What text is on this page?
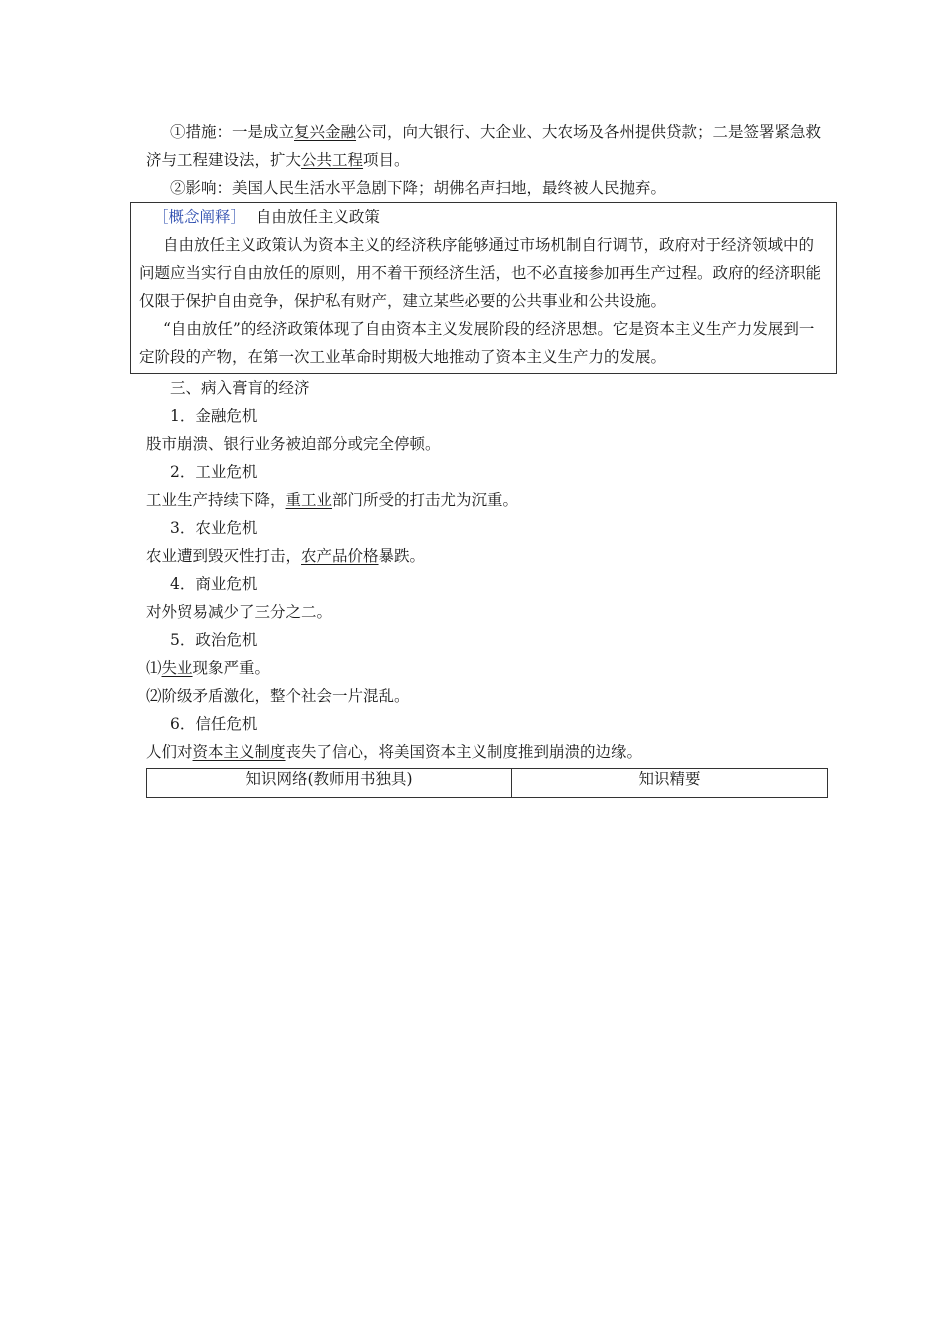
①措施：一是成立复兴金融公司，向大银行、大企业、大农场及各州提供贷款；二是签署紧急救济与工程建设法，扩大公共工程项目。

②影响：美国人民生活水平急剧下降；胡佛名声扫地，最终被人民抛弃。

［概念阐释］ 自由放任主义政策

自由放任主义政策认为资本主义的经济秩序能够通过市场机制自行调节，政府对于经济领域中的问题应当实行自由放任的原则，用不着干预经济生活，也不必直接参加再生产过程。政府的经济职能仅限于保护自由竞争，保护私有财产，建立某些必要的公共事业和公共设施。

“自由放任”的经济政策体现了自由资本主义发展阶段的经济思想。它是资本主义生产力发展到一定阶段的产物，在第一次工业革命时期极大地推动了资本主义生产力的发展。

三、病入膏肓的经济

1．金融危机

股市崩溃、银行业务被迫部分或完全停顿。

2．工业危机

工业生产持续下降，重工业部门所受的打击尤为沉重。

3．农业危机

农业遭到毁灭性打击，农产品价格暴跌。

4．商业危机

对外贸易减少了三分之二。

5．政治危机

⑴失业现象严重。

⑵阶级矛盾激化，整个社会一片混乱。

6．信任危机

人们对资本主义制度丧失了信心，将美国资本主义制度推到崩溃的边缘。

知识网络(教师用书独具)	知识精要
